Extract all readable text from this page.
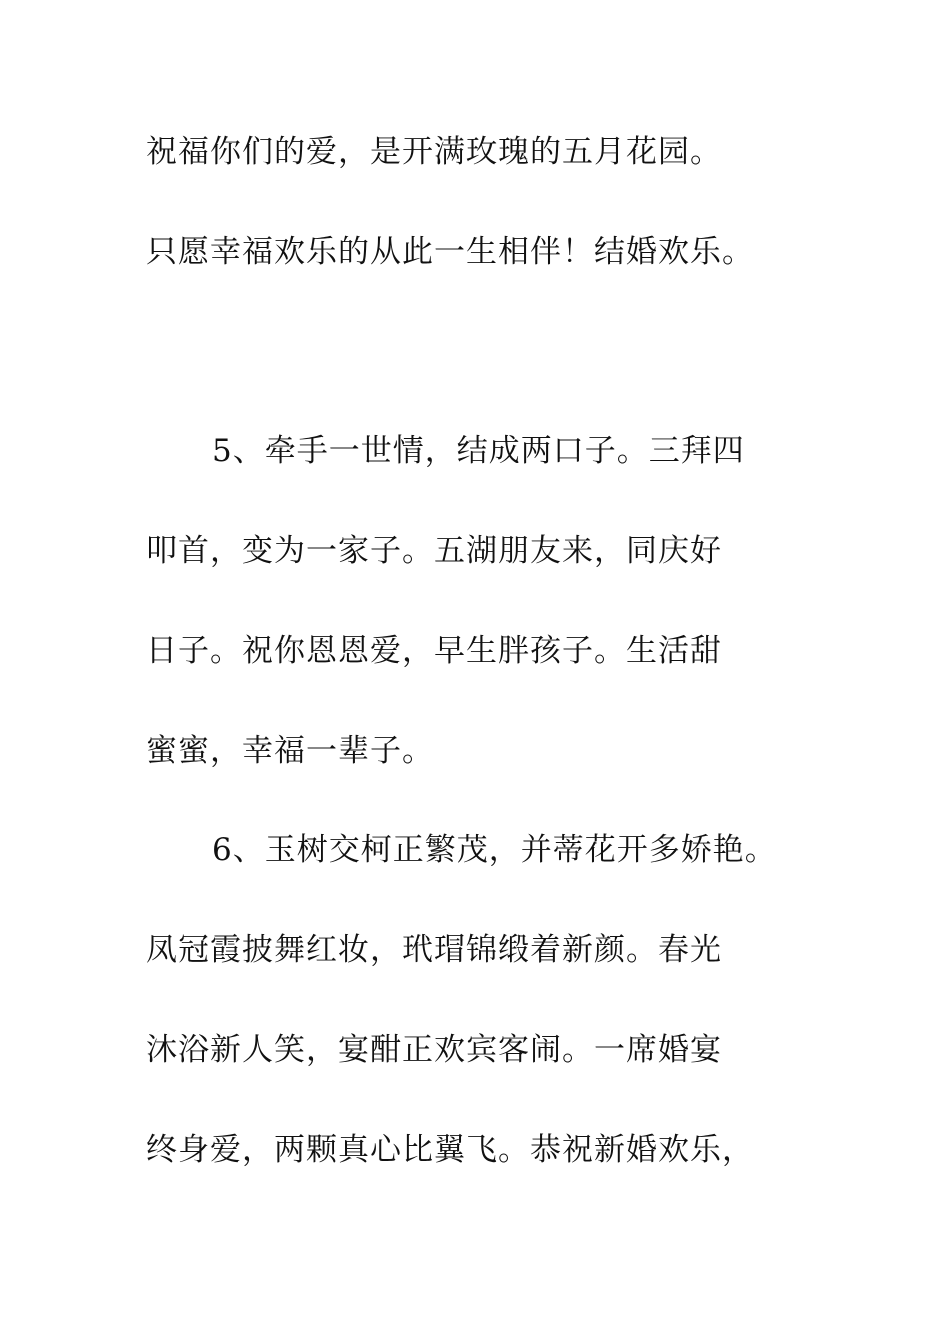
祝福你们的爱，是开满玫瑰的五月花园。

只愿幸福欢乐的从此一生相伴！结婚欢乐。

5、牵手一世情，结成两口子。三拜四

叩首，变为一家子。五湖朋友来，同庆好

日子。祝你恩恩爱，早生胖孩子。生活甜

蜜蜜，幸福一辈子。

6、玉树交柯正繁茂，并蒂花开多娇艳。

凤冠霞披舞红妆，玳瑁锦缎着新颜。春光

沐浴新人笑，宴酣正欢宾客闹。一席婚宴

终身爱，两颗真心比翼飞。恭祝新婚欢乐，
